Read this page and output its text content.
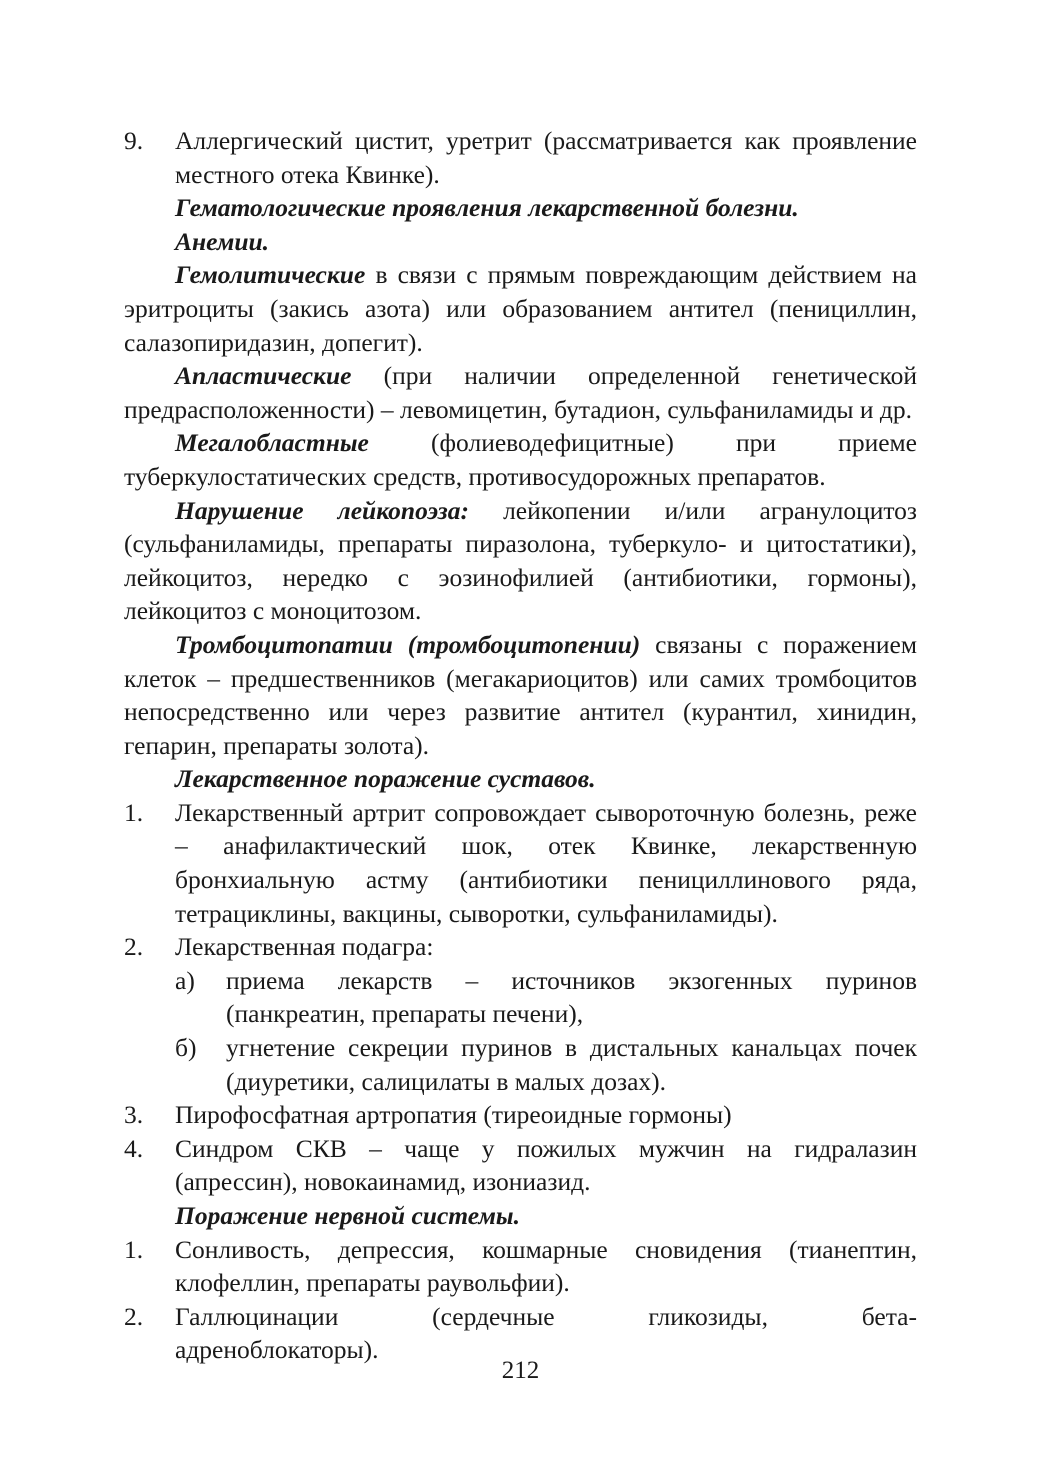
9.	Аллергический цистит, уретрит (рассматривается как проявление местного отека Квинке).

Гематологические проявления лекарственной болезни.

Анемии.

Гемолитические в связи с прямым повреждающим действием на эритроциты (закись азота) или образованием антител (пенициллин, салазопиридазин, допегит).

Апластические (при наличии определенной генетической предрасположенности) – левомицетин, бутадион, сульфаниламиды и др.

Мегалобластные (фолиеводефицитные) при приеме туберкулостатических средств, противосудорожных препаратов.

Нарушение лейкопоэза: лейкопении и/или агранулоцитоз (сульфаниламиды, препараты пиразолона, туберкуло- и цитостатики), лейкоцитоз, нередко с эозинофилией (антибиотики, гормоны), лейкоцитоз с моноцитозом.

Тромбоцитопатии (тромбоцитопении) связаны с поражением клеток – предшественников (мегакариоцитов) или самих тромбоцитов непосредственно или через развитие антител (курантил, хинидин, гепарин, препараты золота).

Лекарственное поражение суставов.

1.	Лекарственный артрит сопровождает сывороточную болезнь, реже – анафилактический шок, отек Квинке, лекарственную бронхиальную астму (антибиотики пенициллинового ряда, тетрациклины, вакцины, сыворотки, сульфаниламиды).
2.	Лекарственная подагра:
а)	приема лекарств – источников экзогенных пуринов (панкреатин, препараты печени),
б)	угнетение секреции пуринов в дистальных канальцах почек (диуретики, салицилаты в малых дозах).
3.	Пирофосфатная артропатия (тиреоидные гормоны)
4.	Синдром СКВ – чаще у пожилых мужчин на гидралазин (апрессин), новокаинамид, изониазид.

Поражение нервной системы.

1.	Сонливость, депрессия, кошмарные сновидения (тианептин, клофеллин, препараты раувольфии).
2.	Галлюцинации	(сердечные	гликозиды,	бета-
адреноблокаторы).
212
